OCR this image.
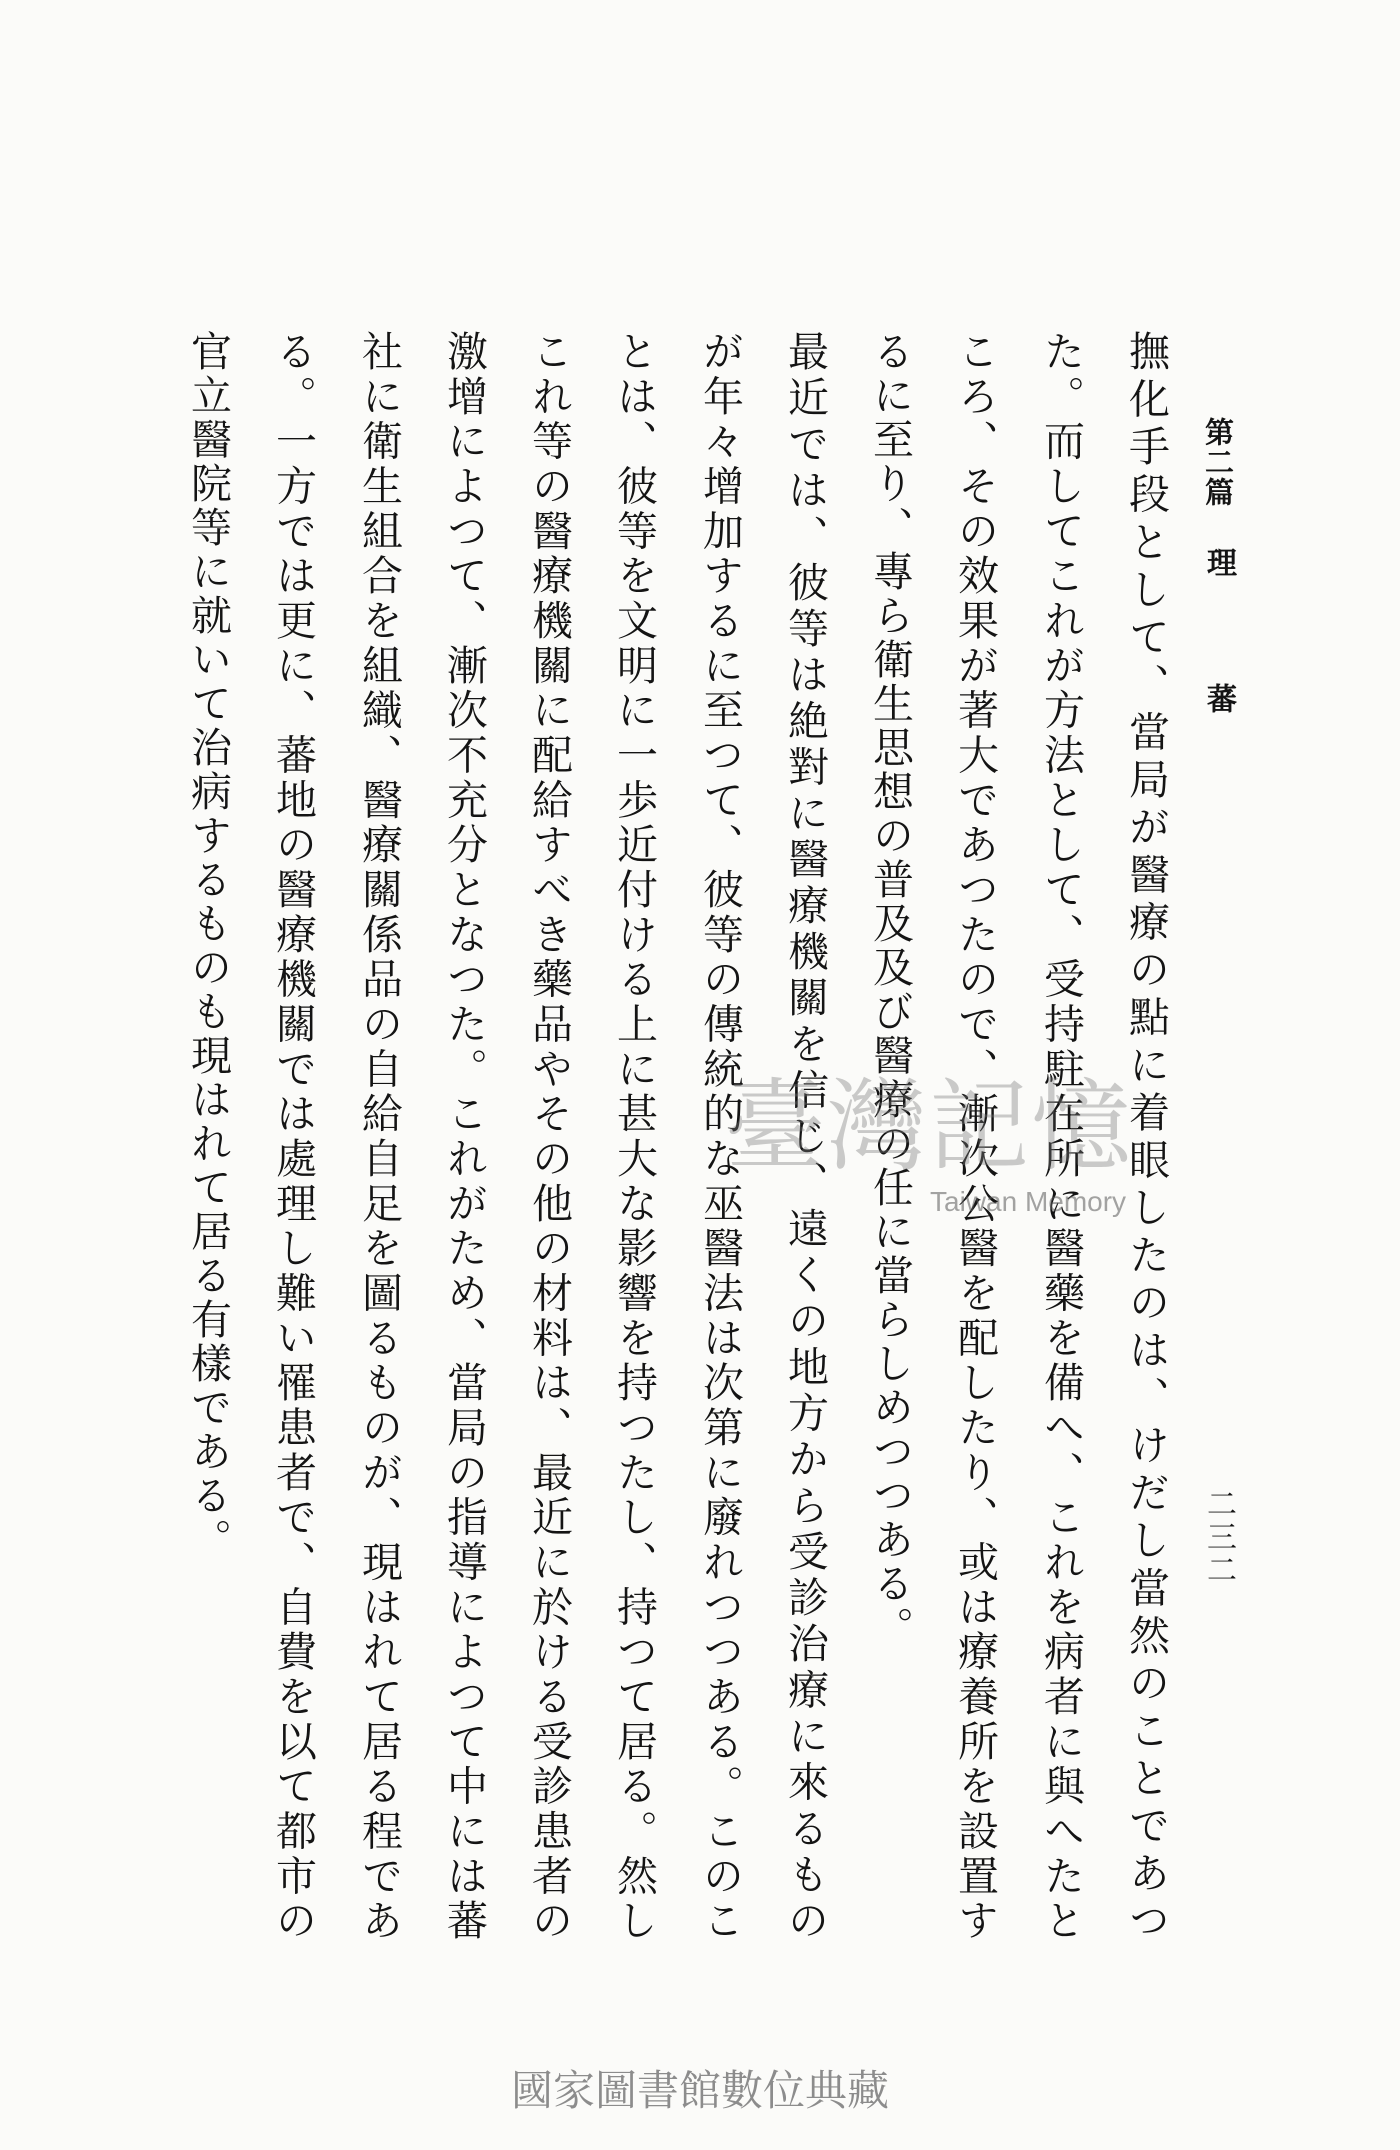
第二篇
理蕃
二三二
撫化手段として、當局が醫療の點に着眼したのは、けだし當然のことであつ
た。而してこれが方法として、受持駐在所に醫藥を備へ、これを病者に與へたと
ころ、その效果が著大であつたので、漸次公醫を配したり、或は療養所を設置す
るに至り、專ら衛生思想の普及及び醫療の任に當らしめつつある。
最近では、彼等は絶對に醫療機關を信じ、遠くの地方から受診治療に來るもの
が年々增加するに至つて、彼等の傳統的な巫醫法は次第に廢れつつある。このこ
とは、彼等を文明に一歩近付ける上に甚大な影響を持つたし、持つて居る。然し
これ等の醫療機關に配給すべき藥品やその他の材料は、最近に於ける受診患者の
激增によつて、漸次不充分となつた。これがため、當局の指導によつて中には蕃
社に衛生組合を組織、醫療關係品の自給自足を圖るものが、現はれて居る程であ
る。一方では更に、蕃地の醫療機關では處理し難い罹患者で、自費を以て都市の
官立醫院等に就いて治病するものも現はれて居る有樣である。	臺灣記憶
Taiwan Memory
國家圖書館數位典藏
